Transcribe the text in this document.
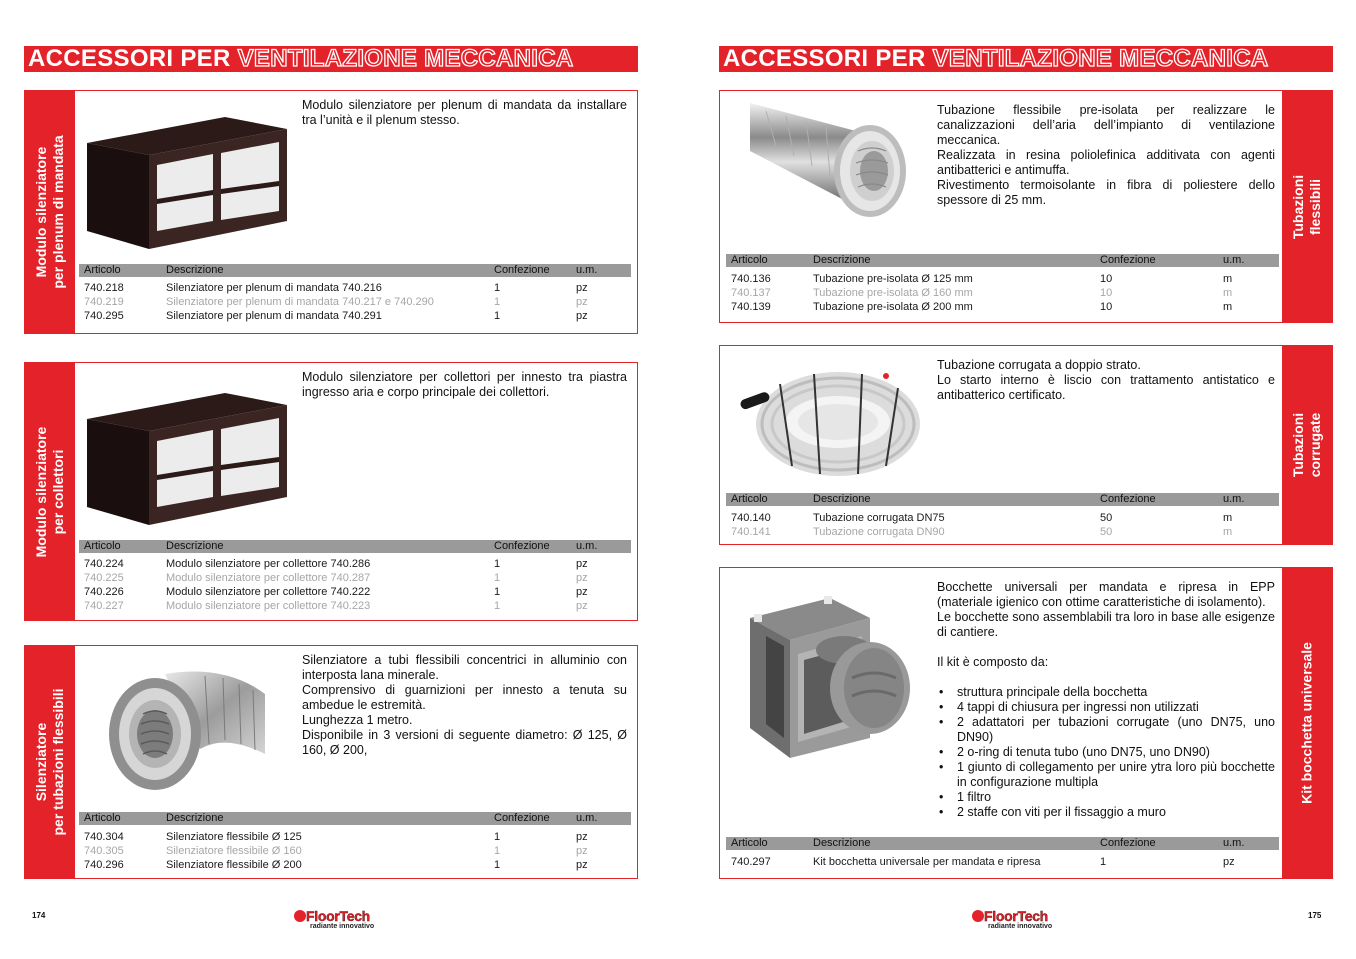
ACCESSORI PER VENTILAZIONE MECCANICA
Modulo silenziatore per plenum di mandata

Modulo silenziatore per plenum di mandata da installare tra l’unità e il plenum stesso.

Articolo	Descrizione	Confezione u.m.
740.218	Silenziatore per plenum di mandata 740.216	1	pz
740.219	Silenziatore per plenum di mandata 740.217 e 740.290	1	pz
740.295	Silenziatore per plenum di mandata 740.291	1	pz
Modulo silenziatore per collettori

Modulo silenziatore per collettori per innesto tra piastra ingresso aria e corpo principale dei collettori.

Articolo	Descrizione	Confezione u.m.
740.224	Modulo silenziatore per collettore 740.286	1	pz
740.225	Modulo silenziatore per collettore 740.287	1	pz
740.226	Modulo silenziatore per collettore 740.222	1	pz
740.227	Modulo silenziatore per collettore 740.223	1	pz
Silenziatore per tubazioni flessibili

Silenziatore a tubi flessibili concentrici in alluminio con interposta lana minerale.

Comprensivo di guarnizioni per innesto a tenuta su ambedue le estremità.

Lunghezza 1 metro.

Disponibile in 3 versioni di seguente diametro: Ø 125, Ø 160, Ø 200,

Articolo	Descrizione	Confezione u.m.
740.304	Silenziatore flessibile Ø 125	1	pz
740.305	Silenziatore flessibile Ø 160	1	pz
740.296	Silenziatore flessibile Ø 200	1	pz
174	FloorTech
radiante innovativo
ACCESSORI PER VENTILAZIONE MECCANICA
Tubazioni flessibili

Tubazione flessibile pre-isolata per realizzare le canalizzazioni dell’aria dell’impianto di ventilazione meccanica.

Realizzata in resina poliolefinica additivata con agenti antibatterici e antimuffa.

Rivestimento termoisolante in fibra di poliestere dello spessore di 25 mm.

Articolo	Descrizione	Confezione	u.m.
740.136	Tubazione pre-isolata Ø 125 mm	10	m
740.137	Tubazione pre-isolata Ø 160 mm	10	m
740.139	Tubazione pre-isolata Ø 200 mm	10	m
Tubazioni corrugate

Tubazione corrugata a doppio strato.

Lo starto interno è liscio con trattamento antistatico e antibatterico certificato.

Articolo	Descrizione	Confezione	u.m.
740.140	Tubazione corrugata DN75	50	m
740.141	Tubazione corrugata DN90	50	m
Kit bocchetta universale

Bocchette universali per mandata e ripresa in EPP (materiale igienico con ottime caratteristiche di isolamento).

Le bocchette sono assemblabili tra loro in base alle esigenze di cantiere.

Il kit è composto da:

• struttura principale della bocchetta
• 4 tappi di chiusura per ingressi non utilizzati
• 2 adattatori per tubazioni corrugate (uno DN75, uno DN90)
• 2 o-ring di tenuta tubo (uno DN75, uno DN90)
• 1 giunto di collegamento per unire ytra loro più bocchette in configurazione multipla
• 1 filtro
• 2 staffe con viti per il fissaggio a muro
Articolo	Descrizione	Confezione	u.m.
740.297	Kit bocchetta universale per mandata e ripresa	1	pz
FloorTech
radiante innovativo
175
